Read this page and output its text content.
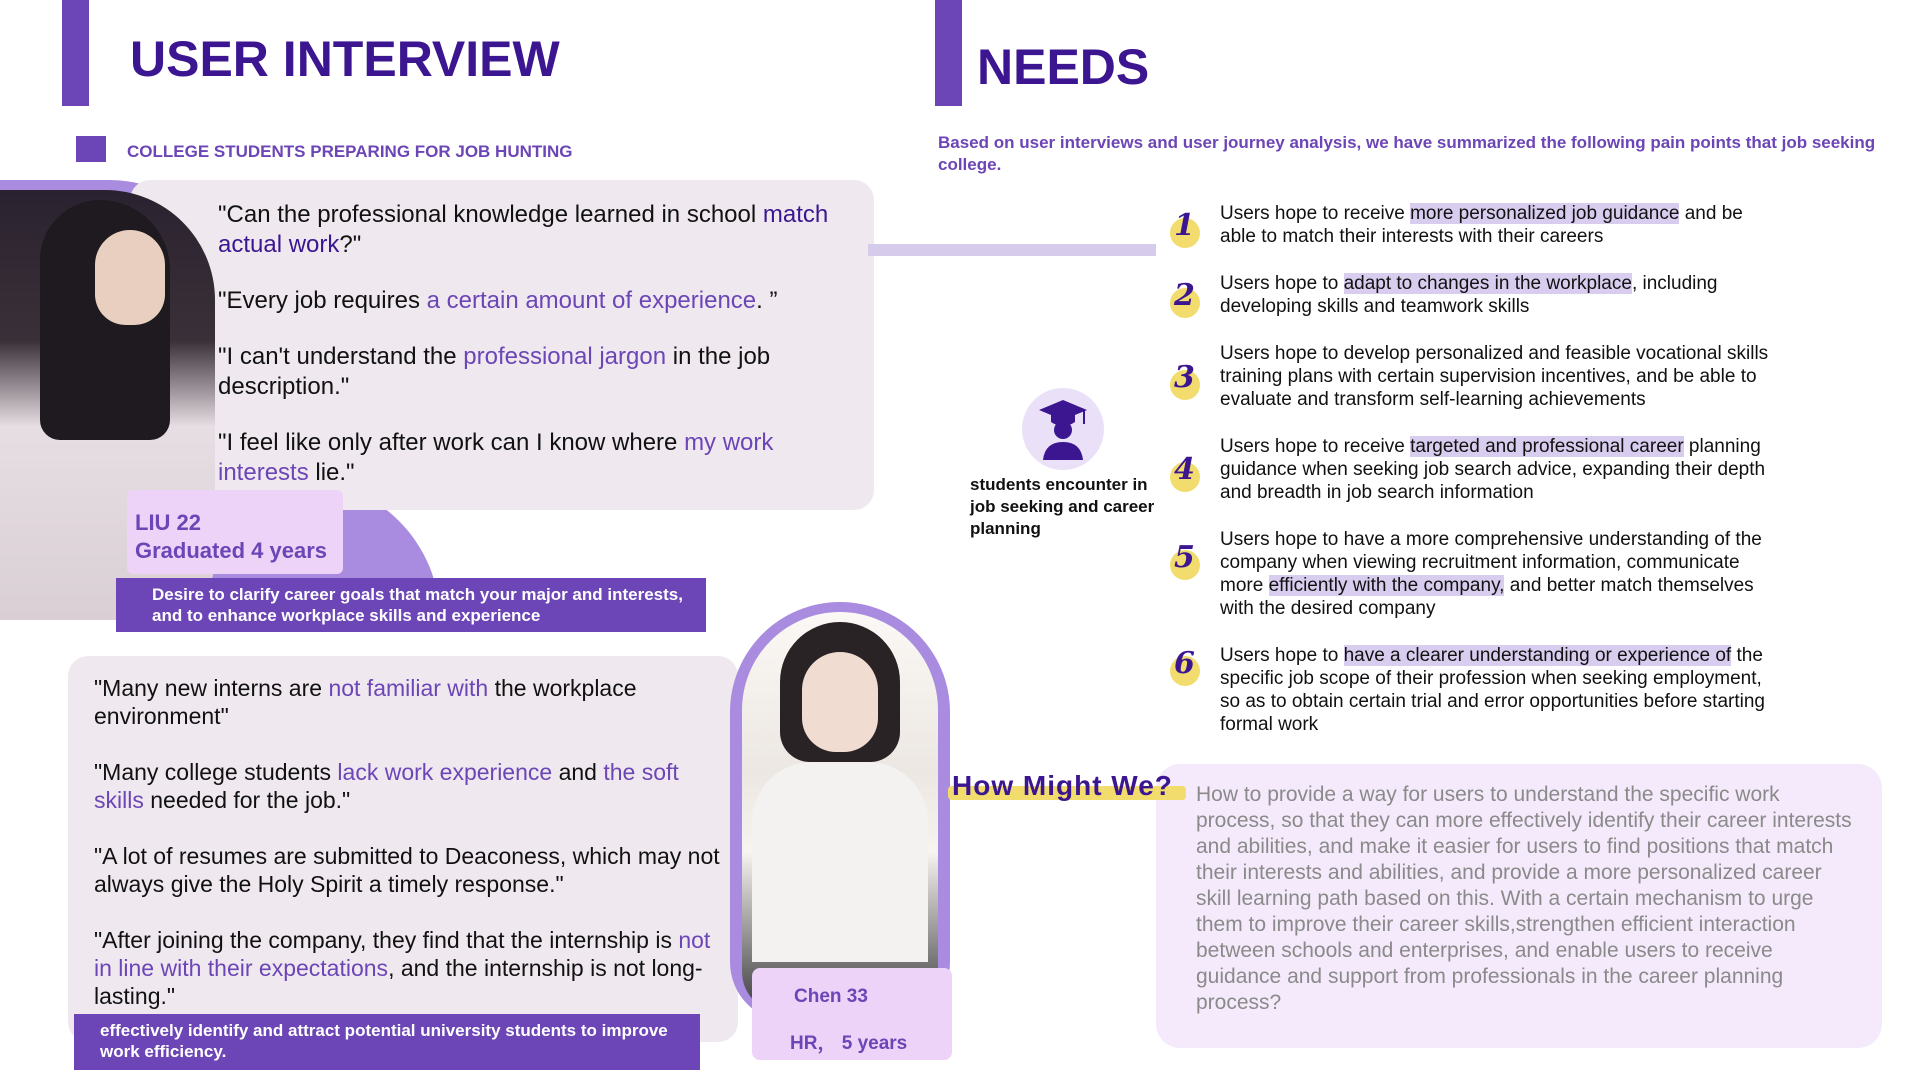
USER INTERVIEW
COLLEGE STUDENTS PREPARING FOR JOB HUNTING
NEEDS
Based on user interviews and user journey analysis, we have summarized the following pain points that job seeking college.

"Can the professional knowledge learned in school match actual work?"

"Every job requires a certain amount of experience. ”

"I can't understand the professional jargon in the job description."

"I feel like only after work can I know where my work interests lie."

LIU 22
Graduated 4 years
Desire to clarify career goals that match your major and interests, and to enhance workplace skills and experience

"Many new interns are not familiar with the workplace environment"

"Many college students lack work experience and the soft skills needed for the job."

"A lot of resumes are submitted to Deaconess, which may not always give the Holy Spirit a timely response."

"After joining the company, they find that the internship is not in line with their expectations, and the internship is not long-lasting."	Chen 33
HR， 5 years
effectively identify and attract potential university students to improve work efficiency.
students encounter in job seeking and career planning
1 Users hope to receive more personalized job guidance and be able to match their interests with their careers
2 Users hope to adapt to changes in the workplace, including developing skills and teamwork skills
3
Users hope to develop personalized and feasible vocational skills training plans with certain supervision incentives, and be able to evaluate and transform self-learning achievements
4
Users hope to receive targeted and professional career planning guidance when seeking job search advice, expanding their depth and breadth in job search information
5
Users hope to have a more comprehensive understanding of the company when viewing recruitment information, communicate more efficiently with the company, and better match themselves with the desired company
6 Users hope to have a clearer understanding or experience of the specific job scope of their profession when seeking employment, so as to obtain certain trial and error opportunities before starting formal work
How Might We? How to provide a way for users to understand the specific work process, so that they can more effectively identify their career interests and abilities, and make it easier for users to find positions that match their interests and abilities, and provide a more personalized career skill learning path based on this. With a certain mechanism to urge them to improve their career skills,strengthen efficient interaction between schools and enterprises, and enable users to receive guidance and support from professionals in the career planning process?
